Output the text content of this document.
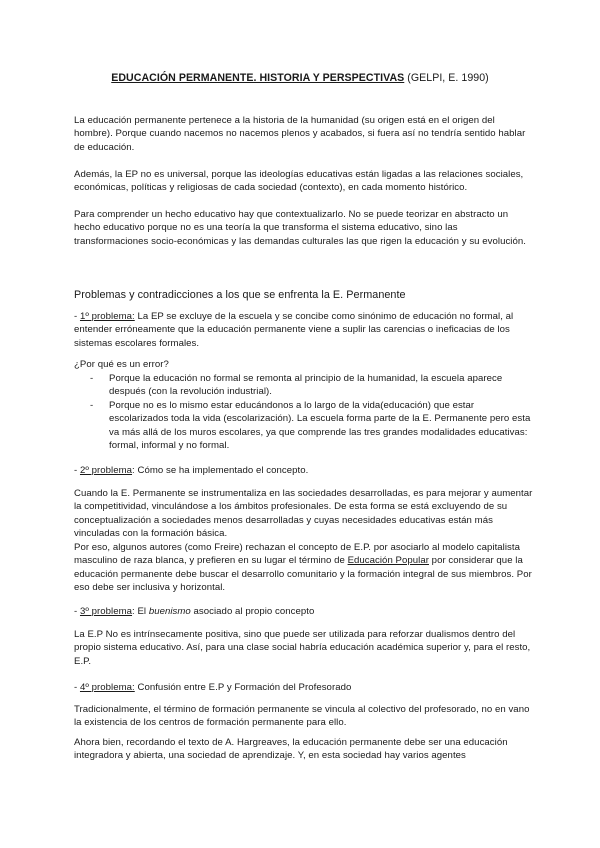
EDUCACIÓN PERMANENTE. HISTORIA Y PERSPECTIVAS (GELPI, E. 1990)

La educación permanente pertenece a la historia de la humanidad (su origen está en el origen del hombre). Porque cuando nacemos no nacemos plenos y acabados, si fuera así no tendría sentido hablar de educación.

Además, la EP no es universal, porque las ideologías educativas están ligadas a las relaciones sociales, económicas, políticas y religiosas de cada sociedad (contexto), en cada momento histórico.

Para comprender un hecho educativo hay que contextualizarlo. No se puede teorizar en abstracto un hecho educativo porque no es una teoría la que transforma el sistema educativo, sino las transformaciones socio-económicas y las demandas culturales las que rigen la educación y su evolución.

Problemas y contradicciones a los que se enfrenta la E. Permanente

- 1º problema: La EP se excluye de la escuela y se concibe como sinónimo de educación no formal, al entender erróneamente que la educación permanente viene a suplir las carencias o ineficacias de los sistemas escolares formales.

¿Por qué es un error?

- Porque la educación no formal se remonta al principio de la humanidad, la escuela aparece después (con la revolución industrial).
- Porque no es lo mismo estar educándonos a lo largo de la vida(educación) que estar escolarizados toda la vida (escolarización). La escuela forma parte de la E. Permanente pero esta va más allá de los muros escolares, ya que comprende las tres grandes modalidades educativas: formal, informal y no formal.

- 2º problema: Cómo se ha implementado el concepto.

Cuando la E. Permanente se instrumentaliza en las sociedades desarrolladas, es para mejorar y aumentar la competitividad, vinculándose a los ámbitos profesionales. De esta forma se está excluyendo de su conceptualización a sociedades menos desarrolladas y cuyas necesidades educativas están más vinculadas con la formación básica.

Por eso, algunos autores (como Freire) rechazan el concepto de E.P. por asociarlo al modelo capitalista masculino de raza blanca, y prefieren en su lugar el término de Educación Popular por considerar que la educación permanente debe buscar el desarrollo comunitario y la formación integral de sus miembros. Por eso debe ser inclusiva y horizontal.

- 3º problema: El buenismo asociado al propio concepto

La E.P No es intrínsecamente positiva, sino que puede ser utilizada para reforzar dualismos dentro del propio sistema educativo. Así, para una clase social habría educación académica superior y, para el resto, E.P.

- 4º problema: Confusión entre E.P y Formación del Profesorado

Tradicionalmente, el término de formación permanente se vincula al colectivo del profesorado, no en vano la existencia de los centros de formación permanente para ello.

Ahora bien, recordando el texto de A. Hargreaves, la educación permanente debe ser una educación integradora y abierta, una sociedad de aprendizaje. Y, en esta sociedad hay varios agentes
